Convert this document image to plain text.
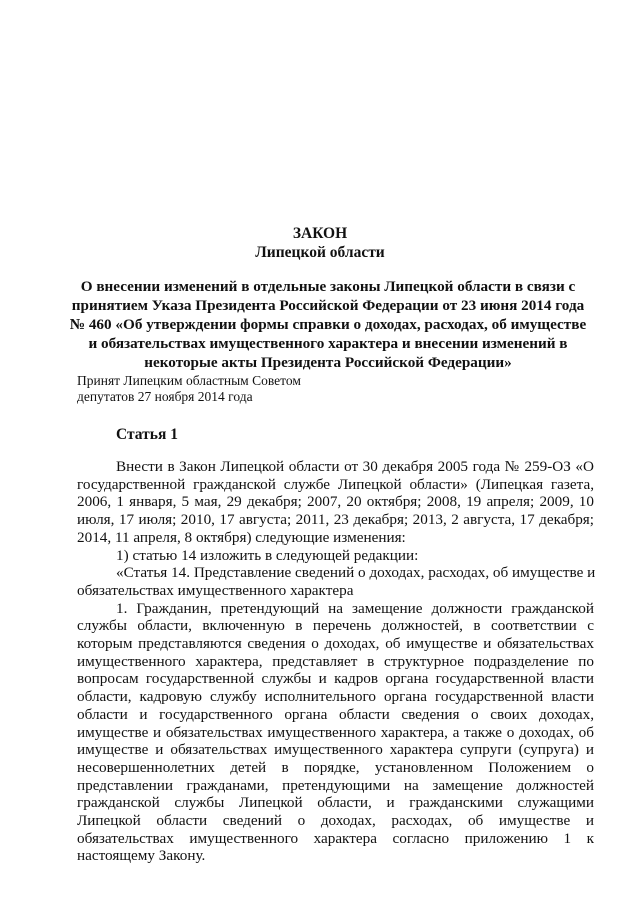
ЗАКОН
Липецкой области
О внесении изменений в отдельные законы Липецкой области в связи с
принятием Указа Президента Российской Федерации от 23 июня 2014 года
№ 460 «Об утверждении формы справки о доходах, расходах, об имуществе
и обязательствах имущественного характера и внесении изменений в
некоторые акты Президента Российской Федерации»
Принят Липецким областным Советом
депутатов 27 ноября 2014 года
Статья 1
Внести в Закон Липецкой области от 30 декабря 2005 года № 259-ОЗ «О
государственной гражданской службе Липецкой области» (Липецкая газета,
2006, 1 января, 5 мая, 29 декабря; 2007, 20 октября; 2008, 19 апреля; 2009, 10
июля, 17 июля; 2010, 17 августа; 2011, 23 декабря; 2013, 2 августа, 17 декабря;
2014, 11 апреля, 8 октября) следующие изменения:
1) статью 14 изложить в следующей редакции:
«Статья 14. Представление сведений о доходах, расходах, об имуществе и
обязательствах имущественного характера
1. Гражданин, претендующий на замещение должности гражданской
службы области, включенную в перечень должностей, в соответствии с
которым представляются сведения о доходах, об имуществе и обязательствах
имущественного характера, представляет в структурное подразделение по
вопросам государственной службы и кадров органа государственной власти
области, кадровую службу исполнительного органа государственной власти
области и государственного органа области сведения о своих доходах,
имуществе и обязательствах имущественного характера, а также о доходах, об
имуществе и обязательствах имущественного характера супруги (супруга) и
несовершеннолетних детей в порядке, установленном Положением о
представлении гражданами, претендующими на замещение должностей
гражданской службы Липецкой области, и гражданскими служащими
Липецкой области сведений о доходах, расходах, об имуществе и
обязательствах имущественного характера согласно приложению 1 к
настоящему Закону.
